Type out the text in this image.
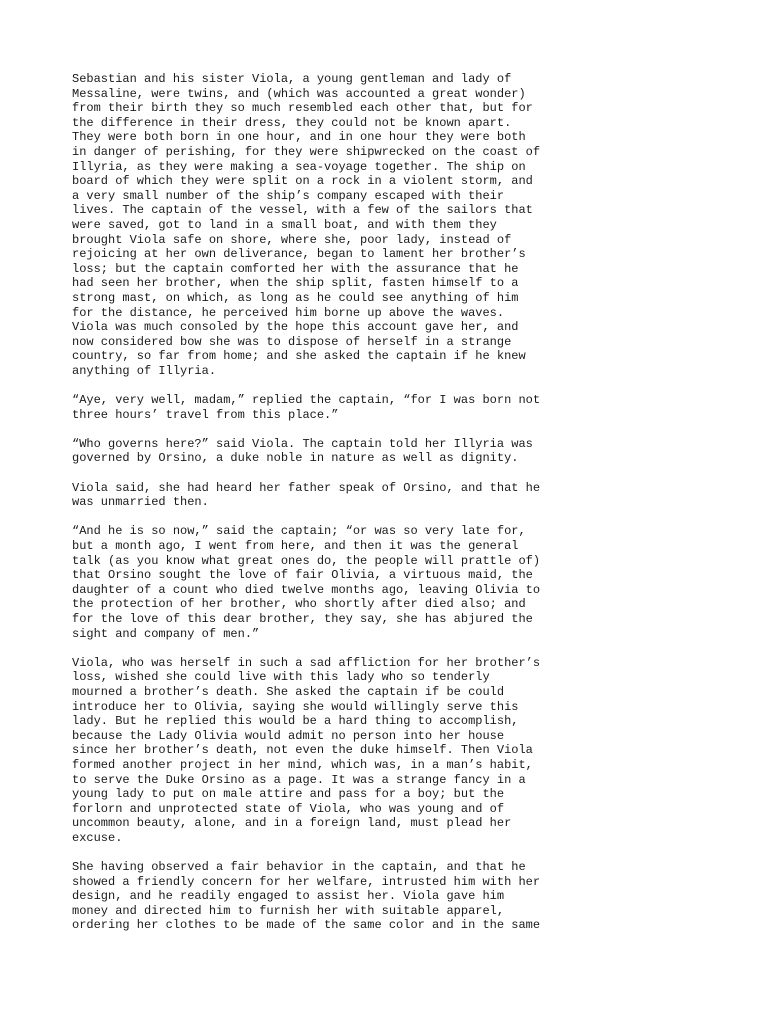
Sebastian and his sister Viola, a young gentleman and lady of
Messaline, were twins, and (which was accounted a great wonder)
from their birth they so much resembled each other that, but for
the difference in their dress, they could not be known apart.
They were both born in one hour, and in one hour they were both
in danger of perishing, for they were shipwrecked on the coast of
Illyria, as they were making a sea-voyage together. The ship on
board of which they were split on a rock in a violent storm, and
a very small number of the ship’s company escaped with their
lives. The captain of the vessel, with a few of the sailors that
were saved, got to land in a small boat, and with them they
brought Viola safe on shore, where she, poor lady, instead of
rejoicing at her own deliverance, began to lament her brother’s
loss; but the captain comforted her with the assurance that he
had seen her brother, when the ship split, fasten himself to a
strong mast, on which, as long as he could see anything of him
for the distance, he perceived him borne up above the waves.
Viola was much consoled by the hope this account gave her, and
now considered bow she was to dispose of herself in a strange
country, so far from home; and she asked the captain if he knew
anything of Illyria.

“Aye, very well, madam,” replied the captain, “for I was born not
three hours’ travel from this place.”

“Who governs here?” said Viola. The captain told her Illyria was
governed by Orsino, a duke noble in nature as well as dignity.

Viola said, she had heard her father speak of Orsino, and that he
was unmarried then.

“And he is so now,” said the captain; “or was so very late for,
but a month ago, I went from here, and then it was the general
talk (as you know what great ones do, the people will prattle of)
that Orsino sought the love of fair Olivia, a virtuous maid, the
daughter of a count who died twelve months ago, leaving Olivia to
the protection of her brother, who shortly after died also; and
for the love of this dear brother, they say, she has abjured the
sight and company of men.”

Viola, who was herself in such a sad affliction for her brother’s
loss, wished she could live with this lady who so tenderly
mourned a brother’s death. She asked the captain if be could
introduce her to Olivia, saying she would willingly serve this
lady. But he replied this would be a hard thing to accomplish,
because the Lady Olivia would admit no person into her house
since her brother’s death, not even the duke himself. Then Viola
formed another project in her mind, which was, in a man’s habit,
to serve the Duke Orsino as a page. It was a strange fancy in a
young lady to put on male attire and pass for a boy; but the
forlorn and unprotected state of Viola, who was young and of
uncommon beauty, alone, and in a foreign land, must plead her
excuse.

She having observed a fair behavior in the captain, and that he
showed a friendly concern for her welfare, intrusted him with her
design, and he readily engaged to assist her. Viola gave him
money and directed him to furnish her with suitable apparel,
ordering her clothes to be made of the same color and in the same
